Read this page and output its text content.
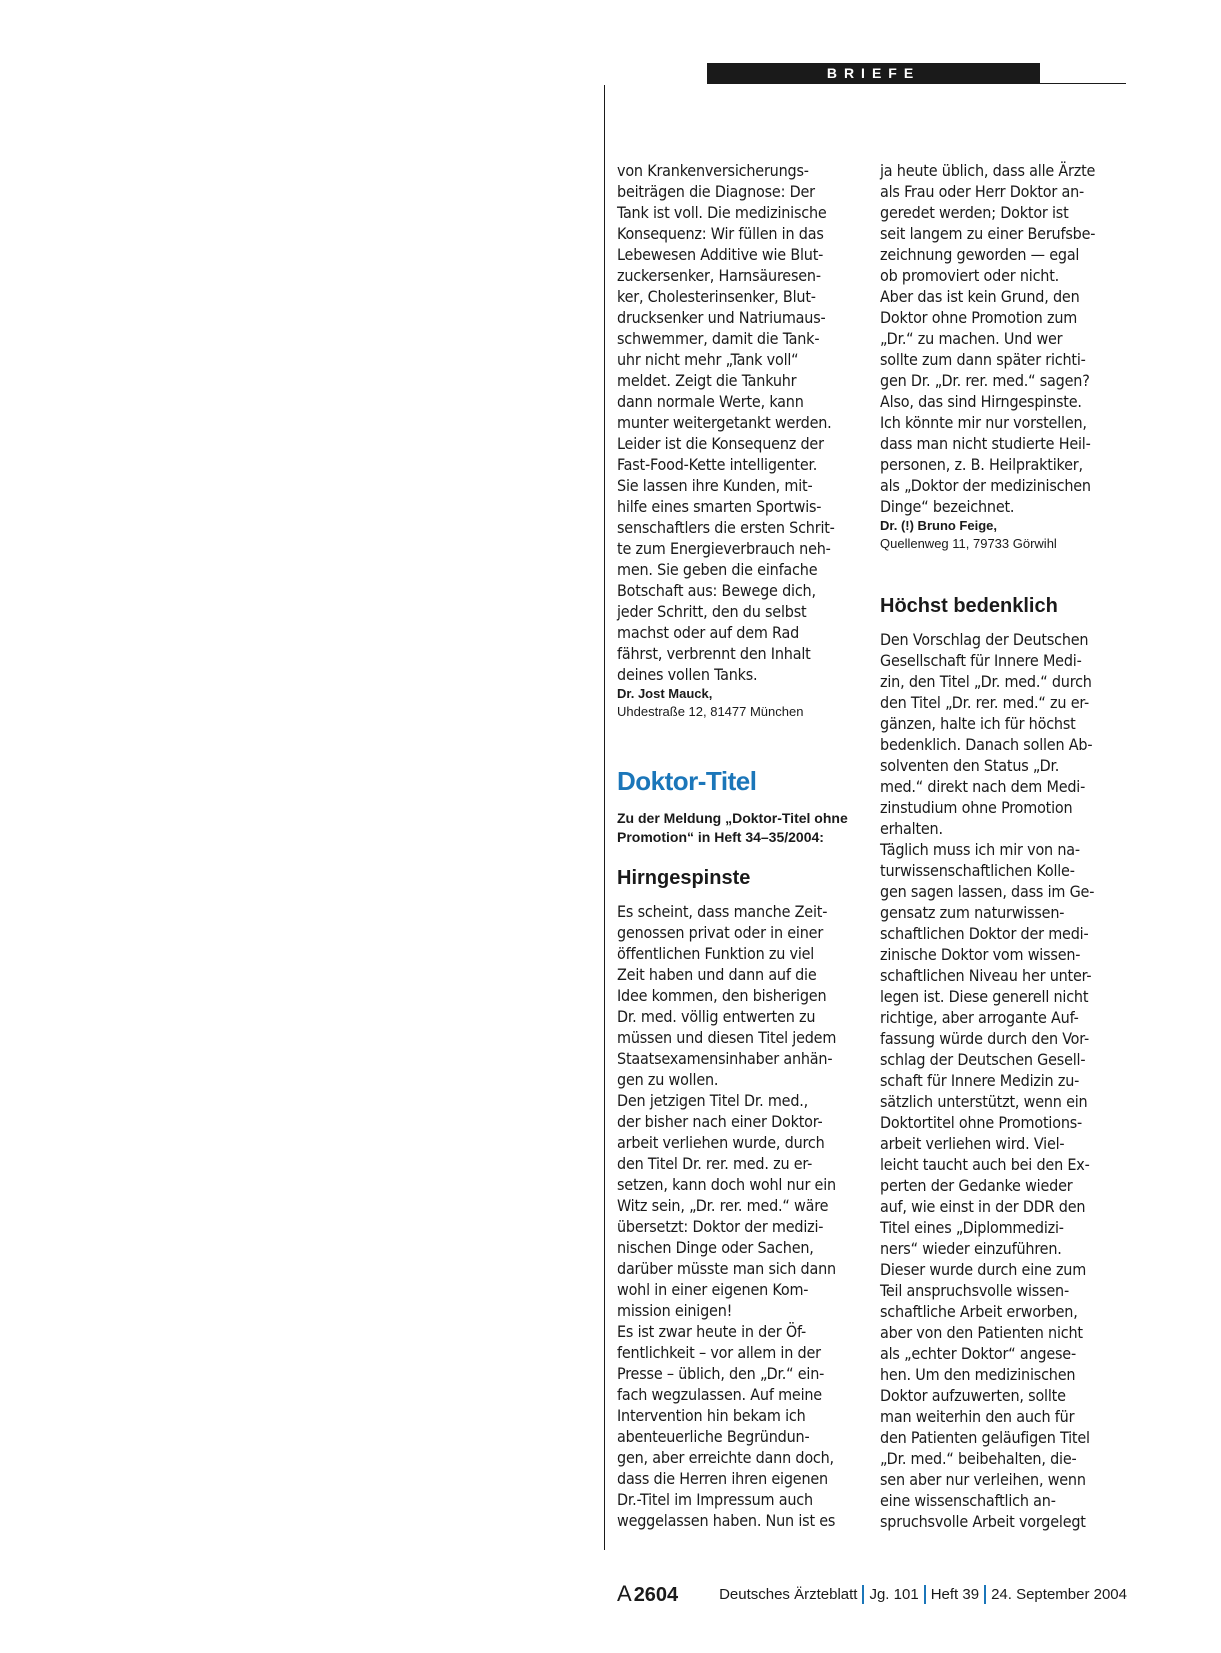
BRIEFE

von Krankenversicherungs-
beiträgen die Diagnose: Der
Tank ist voll. Die medizinische
Konsequenz: Wir füllen in das
Lebewesen Additive wie Blut-
zuckersenker, Harnsäuresen-
ker, Cholesterinsenker, Blut-
drucksenker und Natriumaus-
schwemmer, damit die Tank-
uhr nicht mehr „Tank voll“
meldet. Zeigt die Tankuhr
dann normale Werte, kann
munter weitergetankt werden.
Leider ist die Konsequenz der
Fast-Food-Kette intelligenter.
Sie lassen ihre Kunden, mit-
hilfe eines smarten Sportwis-
senschaftlers die ersten Schrit-
te zum Energieverbrauch neh-
men. Sie geben die einfache
Botschaft aus: Bewege dich,
jeder Schritt, den du selbst
machst oder auf dem Rad
fährst, verbrennt den Inhalt
deines vollen Tanks.

Dr. Jost Mauck,

Uhdestraße 12, 81477 München

Doktor-Titel

Zu der Meldung „Doktor-Titel ohne
Promotion“ in Heft 34–35/2004:

Hirngespinste

Es scheint, dass manche Zeit-
genossen privat oder in einer
öffentlichen Funktion zu viel
Zeit haben und dann auf die
Idee kommen, den bisherigen
Dr. med. völlig entwerten zu
müssen und diesen Titel jedem
Staatsexamensinhaber anhän-
gen zu wollen.
Den jetzigen Titel Dr. med.,
der bisher nach einer Doktor-
arbeit verliehen wurde, durch
den Titel Dr. rer. med. zu er-
setzen, kann doch wohl nur ein
Witz sein, „Dr. rer. med.“ wäre
übersetzt: Doktor der medizi-
nischen Dinge oder Sachen,
darüber müsste man sich dann
wohl in einer eigenen Kom-
mission einigen!
Es ist zwar heute in der Öf-
fentlichkeit – vor allem in der
Presse – üblich, den „Dr.“ ein-
fach wegzulassen. Auf meine
Intervention hin bekam ich
abenteuerliche Begründun-
gen, aber erreichte dann doch,
dass die Herren ihren eigenen
Dr.-Titel im Impressum auch
weggelassen haben. Nun ist es

ja heute üblich, dass alle Ärzte
als Frau oder Herr Doktor an-
geredet werden; Doktor ist
seit langem zu einer Berufsbe-
zeichnung geworden — egal
ob promoviert oder nicht.
Aber das ist kein Grund, den
Doktor ohne Promotion zum
„Dr.“ zu machen. Und wer
sollte zum dann später richti-
gen Dr. „Dr. rer. med.“ sagen?
Also, das sind Hirngespinste.
Ich könnte mir nur vorstellen,
dass man nicht studierte Heil-
personen, z. B. Heilpraktiker,
als „Doktor der medizinischen
Dinge“ bezeichnet.

Dr. (!) Bruno Feige,

Quellenweg 11, 79733 Görwihl

Höchst bedenklich

Den Vorschlag der Deutschen
Gesellschaft für Innere Medi-
zin, den Titel „Dr. med.“ durch
den Titel „Dr. rer. med.“ zu er-
gänzen, halte ich für höchst
bedenklich. Danach sollen Ab-
solventen den Status „Dr.
med.“ direkt nach dem Medi-
zinstudium ohne Promotion
erhalten.
Täglich muss ich mir von na-
turwissenschaftlichen Kolle-
gen sagen lassen, dass im Ge-
gensatz zum naturwissen-
schaftlichen Doktor der medi-
zinische Doktor vom wissen-
schaftlichen Niveau her unter-
legen ist. Diese generell nicht
richtige, aber arrogante Auf-
fassung würde durch den Vor-
schlag der Deutschen Gesell-
schaft für Innere Medizin zu-
sätzlich unterstützt, wenn ein
Doktortitel ohne Promotions-
arbeit verliehen wird. Viel-
leicht taucht auch bei den Ex-
perten der Gedanke wieder
auf, wie einst in der DDR den
Titel eines „Diplommedizi-
ners“ wieder einzuführen.
Dieser wurde durch eine zum
Teil anspruchsvolle wissen-
schaftliche Arbeit erworben,
aber von den Patienten nicht
als „echter Doktor“ angese-
hen. Um den medizinischen
Doktor aufzuwerten, sollte
man weiterhin den auch für
den Patienten geläufigen Titel
„Dr. med.“ beibehalten, die-
sen aber nur verleihen, wenn
eine wissenschaftlich an-
spruchsvolle Arbeit vorgelegt

A 2604	Deutsches Ärzteblatt Jg. 101 Heft 39 24. September 2004
